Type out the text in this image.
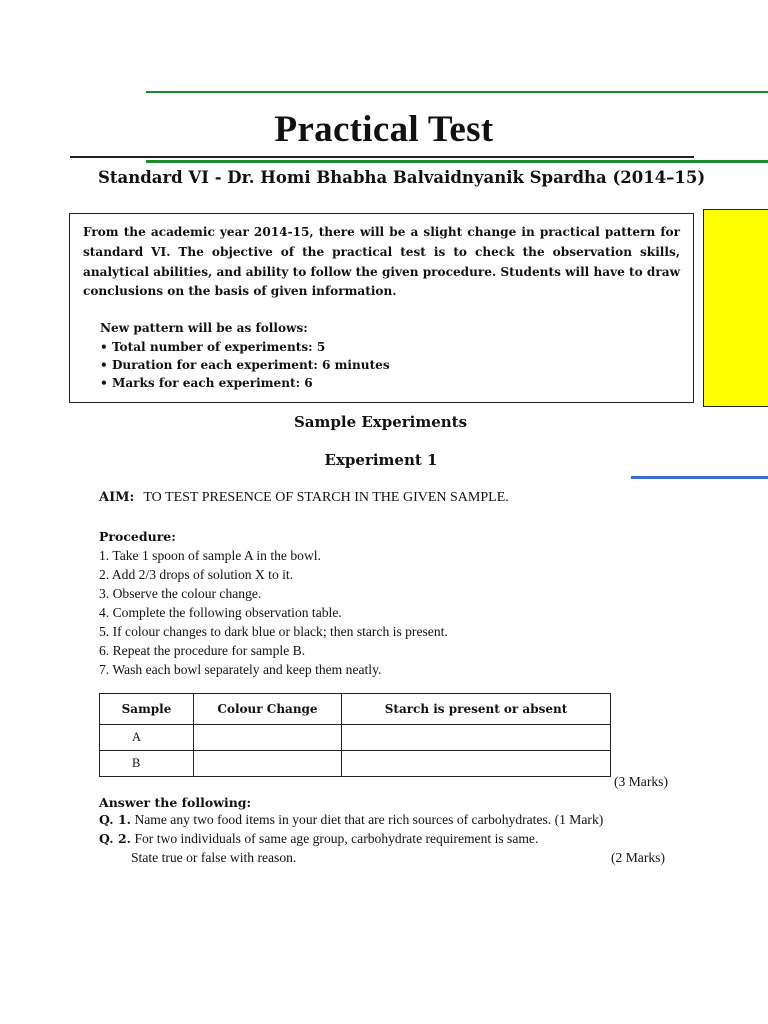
Practical Test
Standard VI - Dr. Homi Bhabha Balvaidnyanik Spardha (2014–15)

From the academic year 2014-15, there will be a slight change in practical pattern for standard VI. The objective of the practical test is to check the observation skills, analytical abilities, and ability to follow the given procedure. Students will have to draw conclusions on the basis of given information.

New pattern will be as follows:
• Total number of experiments: 5
• Duration for each experiment: 6 minutes
• Marks for each experiment: 6
Sample Experiments
Experiment 1
AIM: TO TEST PRESENCE OF STARCH IN THE GIVEN SAMPLE.
Procedure:
1. Take 1 spoon of sample A in the bowl.
2. Add 2/3 drops of solution X to it.
3. Observe the colour change.
4. Complete the following observation table.
5. If colour changes to dark blue or black; then starch is present.
6. Repeat the procedure for sample B.
7. Wash each bowl separately and keep them neatly.
Sample	Colour Change	Starch is present or absent
A		
B		
(3 Marks)
Answer the following:
Q. 1. Name any two food items in your diet that are rich sources of carbohydrates. (1 Mark)
Q. 2. For two individuals of same age group, carbohydrate requirement is same.
State true or false with reason.	(2 Marks)
